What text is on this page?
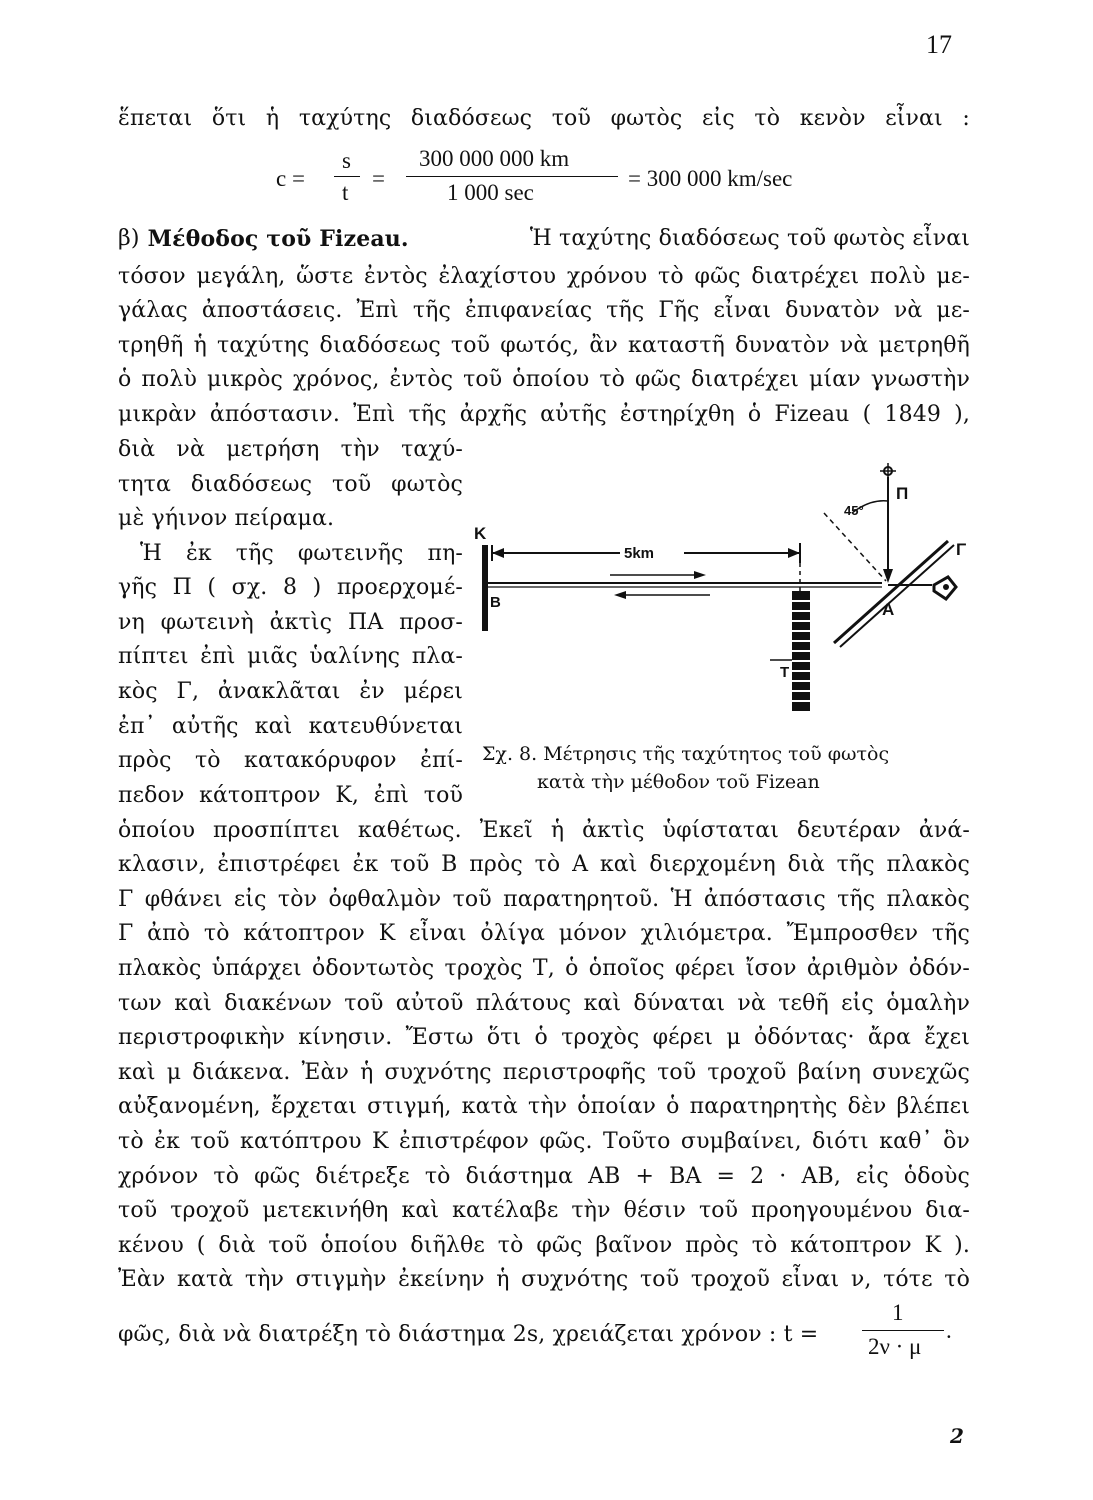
17
ἕπεται ὅτι ἡ ταχύτης διαδόσεως τοῦ φωτὸς εἰς τὸ κενὸν εἶναι :
c =
s
t
=
300 000 000 km
1 000 sec
= 300 000 km/sec
β) Μέθοδος τοῦ Fizeau.	Ἡ ταχύτης διαδόσεως τοῦ φωτὸς εἶναι
τόσον μεγάλη, ὥστε ἐντὸς ἐλαχίστου χρόνου τὸ φῶς διατρέχει πολὺ με-
γάλας ἀποστάσεις. Ἐπὶ τῆς ἐπιφανείας τῆς Γῆς εἶναι δυνατὸν νὰ με-
τρηθῆ ἡ ταχύτης διαδόσεως τοῦ φωτός, ἂν καταστῆ δυνατὸν νὰ μετρηθῆ
ὁ πολὺ μικρὸς χρόνος, ἐντὸς τοῦ ὁποίου τὸ φῶς διατρέχει μίαν γνωστὴν
μικρὰν ἀπόστασιν. Ἐπὶ τῆς ἀρχῆς αὐτῆς ἐστηρίχθη ὁ Fizeau ( 1849 ),
διὰ νὰ μετρήση τὴν ταχύ-
τητα διαδόσεως τοῦ φωτὸς
μὲ γήινον πείραμα.
Ἡ ἐκ τῆς φωτεινῆς πη-
γῆς Π ( σχ. 8 ) προερχομέ-
νη φωτεινὴ ἀκτὶς ΠΑ προσ-
πίπτει ἐπὶ μιᾶς ὑαλίνης πλα-
κὸς Γ, ἀνακλᾶται ἐν μέρει
ἐπ᾽ αὐτῆς καὶ κατευθύνεται
πρὸς τὸ κατακόρυφον ἐπί-
πεδον κάτοπτρον Κ, ἐπὶ τοῦ
K
B
5km
45°
Π
Γ
A
T
Σχ. 8. Μέτρησις τῆς ταχύτητος τοῦ φωτὸς
κατὰ τὴν μέθοδον τοῦ Fizean
ὁποίου προσπίπτει καθέτως. Ἐκεῖ ἡ ἀκτὶς ὑφίσταται δευτέραν ἀνά-
κλασιν, ἐπιστρέφει ἐκ τοῦ Β πρὸς τὸ Α καὶ διερχομένη διὰ τῆς πλακὸς
Γ φθάνει εἰς τὸν ὀφθαλμὸν τοῦ παρατηρητοῦ. Ἡ ἀπόστασις τῆς πλακὸς
Γ ἀπὸ τὸ κάτοπτρον Κ εἶναι ὀλίγα μόνον χιλιόμετρα. Ἔμπροσθεν τῆς
πλακὸς ὑπάρχει ὀδοντωτὸς τροχὸς Τ, ὁ ὁποῖος φέρει ἴσον ἀριθμὸν ὀδόν-
των καὶ διακένων τοῦ αὐτοῦ πλάτους καὶ δύναται νὰ τεθῆ εἰς ὁμαλὴν
περιστροφικὴν κίνησιν. Ἔστω ὅτι ὁ τροχὸς φέρει μ ὀδόντας· ἄρα ἔχει
καὶ μ διάκενα. Ἐὰν ἡ συχνότης περιστροφῆς τοῦ τροχοῦ βαίνη συνεχῶς
αὐξανομένη, ἔρχεται στιγμή, κατὰ τὴν ὁποίαν ὁ παρατηρητὴς δὲν βλέπει
τὸ ἐκ τοῦ κατόπτρου Κ ἐπιστρέφον φῶς. Τοῦτο συμβαίνει, διότι καθ᾽ ὃν
χρόνον τὸ φῶς διέτρεξε τὸ διάστημα ΑΒ + ΒΑ = 2 · ΑΒ, εἰς ὁδοὺς
τοῦ τροχοῦ μετεκινήθη καὶ κατέλαβε τὴν θέσιν τοῦ προηγουμένου δια-
κένου ( διὰ τοῦ ὁποίου διῆλθε τὸ φῶς βαῖνον πρὸς τὸ κάτοπτρον Κ ).
Ἐὰν κατὰ τὴν στιγμὴν ἐκείνην ἡ συχνότης τοῦ τροχοῦ εἶναι ν, τότε τὸ
φῶς, διὰ νὰ διατρέξη τὸ διάστημα 2s, χρειάζεται χρόνον : t =
1
2ν · μ
.
2
